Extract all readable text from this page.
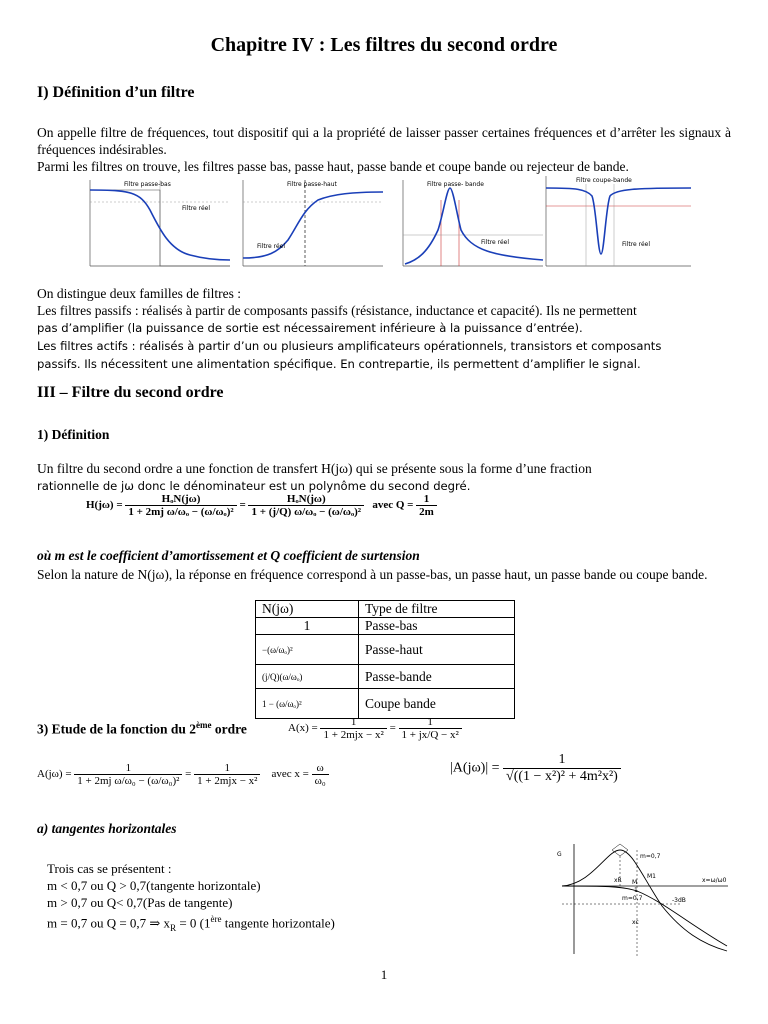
Chapitre IV : Les filtres du second ordre
I) Définition d’un filtre
On appelle filtre de fréquences, tout dispositif qui a la propriété de laisser passer certaines fréquences et d’arrêter les signaux à fréquences indésirables.
Parmi les filtres on trouve, les filtres passe bas, passe haut, passe bande et coupe bande ou rejecteur de bande.
Filtre passe-bas
Filtre réel
Filtre passe-haut
Filtre réel
Filtre passe- bande
Filtre réel
Filtre coupe-bande
Filtre réel
On distingue deux familles de filtres :
Les filtres passifs : réalisés à partir de composants passifs (résistance, inductance et capacité). Ils ne permettent
pas d’amplifier (la puissance de sortie est nécessairement inférieure à la puissance d’entrée).
Les filtres actifs : réalisés à partir d’un ou plusieurs amplificateurs opérationnels, transistors et composants
passifs. Ils nécessitent une alimentation spécifique. En contrepartie, ils permettent d’amplifier le signal.
III – Filtre du second ordre
1) Définition
Un filtre du second ordre a une fonction de transfert H(jω) qui se présente sous la forme d’une fraction
rationnelle de jω donc le dénominateur est un polynôme du second degré.
$H(j\omega) = \frac{\text{HₒN(jω)}}{\text{1 + 2mj ω/ωₒ − (ω/ωₒ)²}} = \frac{\text{HₒN(jω)}}{\text{1 + (j/Q) ω/ωₒ − (ω/ωₒ)²}}$ avec $Q = \frac{1}{2m}$
où m est le coefficient d’amortissement et Q coefficient de surtension
Selon la nature de N(jω), la réponse en fréquence correspond à un passe-bas, un passe haut, un passe bande ou coupe bande.
N(jω)	Type de filtre
1	Passe-bas
−(ω/ωₒ)²	Passe-haut
(j/Q)(ω/ωₒ)	Passe-bande
1 − (ω/ωₒ)²	Coupe bande
3) Etude de la fonction du 2ème ordre	$A(x) = \frac{1}{\text{1 + 2mjx − x²}} = \frac{1}{\text{1 + jx/Q − x²}}$
$A(j\omega) = \frac{1}{\text{1 + 2mj ω/ω₀ − (ω/ω₀)²}} = \frac{1}{\text{1 + 2mjx − x²}}$ avec $x = \frac{\omega}{\text{ω₀}}$	$|A(j\omega)| = \frac{1}{\text{√((1 − x²)² + 4m²x²)}}$
a) tangentes horizontales
Trois cas se présentent :
m < 0,7 ou Q > 0,7(tangente horizontale)
m > 0,7 ou Q< 0,7(Pas de tangente)
m = 0,7 ou Q = 0,7 ⇒ $x_R = 0$ (1ère tangente horizontale)
G	m=0,7
M1
xR M
1
m=0,7	-3dB
x=ω/ω0
xc
1
